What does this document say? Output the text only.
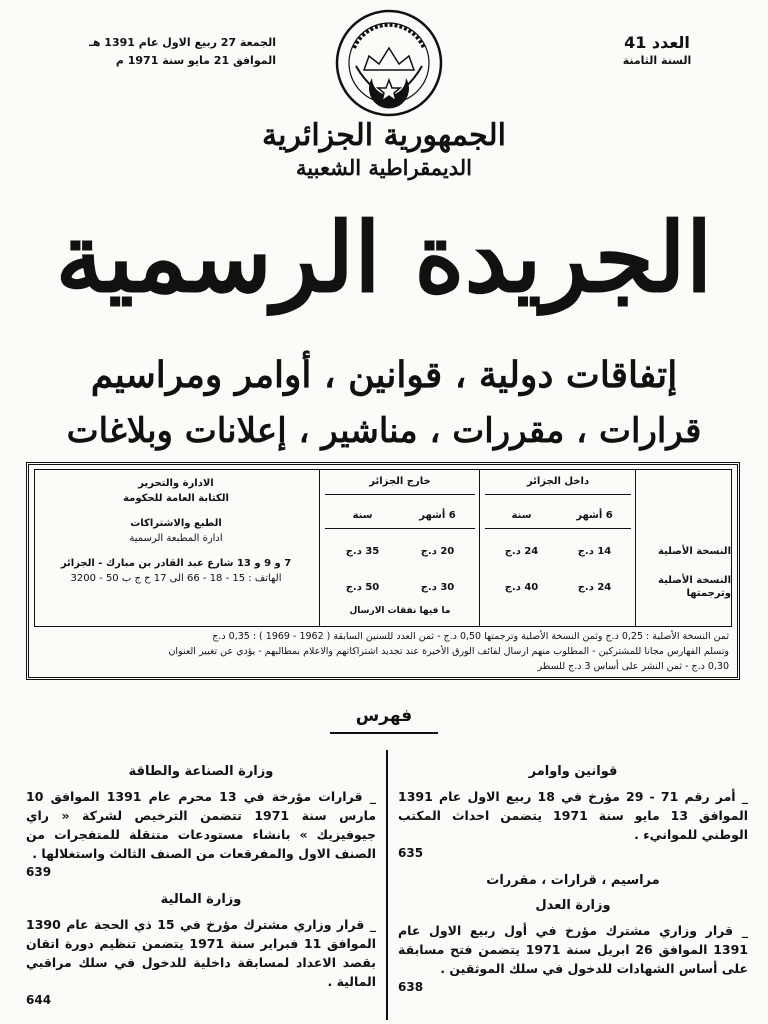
الجمعة 27 ربيع الاول عام 1391 هـ
الموافق 21 مايو سنة 1971 م
العدد 41
السنة الثامنة
الجمهورية الجزائرية
الديمقراطية الشعبية
الجريدة الرسمية
إتفاقات دولية ، قوانين ، أوامر ومراسيم
قرارات ، مقررات ، مناشير ، إعلانات وبلاغات
الادارة والتحرير
الكتابة العامة للحكومة
الطبع والاشتراكات
ادارة المطبعة الرسمية
7 و 9 و 13 شارع عبد القادر بن مبارك - الجزائر
الهاتف : 15 - 18 - 66 الى 17 ح ج ب 50 - 3200
خارج الجزائر
6 أشهر
سنة
20 د.ج
35 د.ج
30 د.ج
50 د.ج
ما فيها نفقات الارسال
داخل الجزائر
6 أشهر
سنة
14 د.ج
24 د.ج
24 د.ج
40 د.ج
النسخة الأصلية
النسخة الأصلية وترجمتها
ثمن النسخة الأصلية : 0,25 د.ج وثمن النسخة الأصلية وترجمتها 0,50 د.ج - ثمن العدد للسنين السابقة ( 1962 - 1969 ) : 0,35 د.ج
وتسلم الفهارس مجانا للمشتركين - المطلوب منهم ارسال لفائف الورق الأخيرة عند تجديد اشتراكاتهم والاعلام بمطالبهم - يؤدي عن تغيير العنوان
0,30 د.ج - ثمن النشر على أساس 3 د.ج للسطر
فهرس
قوانين واوامر
_ أمر رقم 71 - 29 مؤرخ في 18 ربيع الاول عام 1391 الموافق 13 مايو سنة 1971 يتضمن احداث المكتب الوطني للموانيء .
635
مراسيم ، قرارات ، مقررات
وزارة العدل
_ قرار وزاري مشترك مؤرخ في أول ربيع الاول عام 1391 الموافق 26 ابريل سنة 1971 يتضمن فتح مسابقة على أساس الشهادات للدخول في سلك الموثقين .
638
وزارة الصناعة والطاقة
_ قرارات مؤرخة في 13 محرم عام 1391 الموافق 10 مارس سنة 1971 تتضمن الترخيص لشركة « راي جيوفيزيك » بانشاء مستودعات متنقلة للمتفجرات من الصنف الاول والمفرقعات من الصنف الثالث واستغلالها .
639
وزارة المالية
_ قرار وزاري مشترك مؤرخ في 15 ذي الحجة عام 1390 الموافق 11 فبراير سنة 1971 يتضمن تنظيم دورة اتقان بقصد الاعداد لمسابقة داخلية للدخول في سلك مراقبي المالية .
644
